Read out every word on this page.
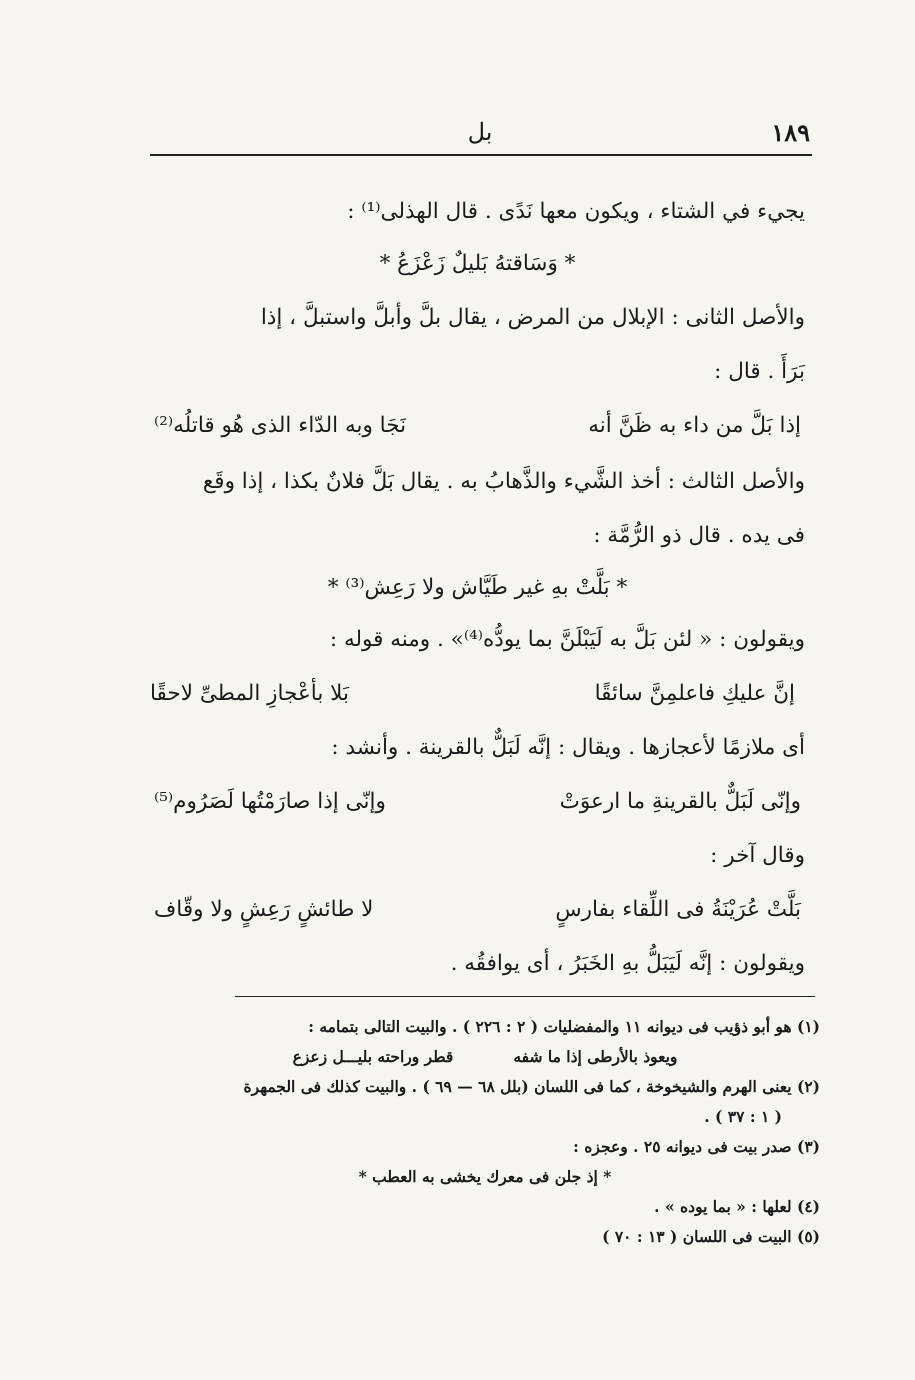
١٨٩
بل
يجيء في الشتاء ، ويكون معها نَدًى . قال الهذلى⁽¹⁾ :
* وَسَاقتهُ بَليلٌ زَعْزَعُ *
والأصل الثانى : الإبلال من المرض ، يقال بلَّ وأبلَّ واستبلَّ ، إذا
بَرَأَ . قال :
إذا بَلَّ من داء به ظَنَّ أنه
نَجَا وبه الدّاء الذى هُو قاتلُه⁽²⁾
والأصل الثالث : أخذ الشَّيء والذَّهابُ به . يقال بَلَّ فلانٌ بكذا ، إذا وقَع
فى يده . قال ذو الرُّمَّة :
* بَلَّتْ بهِ غير طَيَّاش ولا رَعِش⁽³⁾ *
ويقولون : « لئن بَلَّ به لَيَبْلَنَّ بما يودُّه⁽⁴⁾» . ومنه قوله :
إنَّ عليكِ فاعلمِنَّ سائقًا
بَلا بأعْجازِ المطىِّ لاحقًا
أى ملازمًا لأعجازها . ويقال : إنَّه لَبَلٌّ بالقرينة . وأنشد :
وإنّى لَبَلٌّ بالقرينةِ ما ارعوَتْ
وإنّى إذا صارَمْتُها لَصَرُوم⁽⁵⁾
وقال آخر :
بَلَّتْ عُرَيْنَةُ فى اللِّقاء بفارسٍ
لا طائشٍ رَعِشٍ ولا وقّاف
ويقولون : إنَّه لَيَبَلُّ بهِ الخَبَرُ ، أى يوافقُه .
(١) هو أبو ذؤيب فى ديوانه ١١ والمفضليات ( ٢ : ٢٢٦ ) . والبيت التالى بتمامه :
ويعوذ بالأرطى إذا ما شفه
قطر وراحته بليـــل زعزع
(٢) يعنى الهرم والشيخوخة ، كما فى اللسان (بلل ٦٨ — ٦٩ ) . والبيت كذلك فى الجمهرة
( ١ : ٣٧ ) .
(٣) صدر بيت فى ديوانه ٢٥ . وعجزه :
* إذ جلن فى معرك يخشى به العطب *
(٤) لعلها : « بما يوده » .
(٥) البيت فى اللسان ( ١٣ : ٧٠ )
